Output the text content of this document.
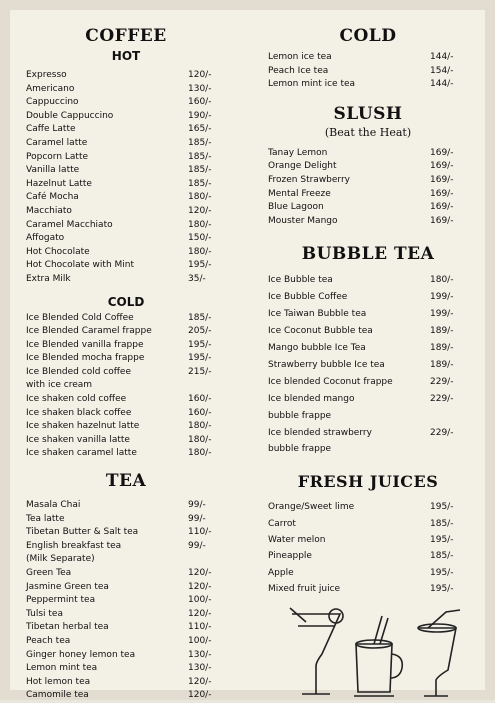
COFFEE
HOT
Expresso	120/-
Americano	130/-
Cappuccino	160/-
Double Cappuccino	190/-
Caffe Latte	165/-
Caramel latte	185/-
Popcorn Latte	185/-
Vanilla latte	185/-
Hazelnut Latte	185/-
Café Mocha	180/-
Macchiato	120/-
Caramel Macchiato	180/-
Affogato	150/-
Hot Chocolate	180/-
Hot Chocolate with Mint	195/-
Extra Milk	35/-
COLD
Ice Blended Cold Coffee	185/-
Ice Blended Caramel frappe	205/-
Ice Blended vanilla frappe	195/-
Ice Blended mocha frappe	195/-
Ice Blended cold coffee	215/-
with ice cream
Ice shaken cold coffee	160/-
Ice shaken black coffee	160/-
Ice shaken hazelnut latte	180/-
Ice shaken vanilla latte	180/-
Ice shaken caramel latte	180/-
TEA
Masala Chai	99/-
Tea latte	99/-
Tibetan Butter & Salt tea	110/-
English breakfast tea	99/-
(Milk Separate)
Green Tea	120/-
Jasmine Green tea	120/-
Peppermint tea	100/-
Tulsi tea	120/-
Tibetan herbal tea	110/-
Peach tea	100/-
Ginger honey lemon tea	130/-
Lemon mint tea	130/-
Hot lemon tea	120/-
Camomile tea	120/-
COLD
Lemon ice tea	144/-
Peach Ice tea	154/-
Lemon mint ice tea	144/-
SLUSH
(Beat the Heat)
Tanay Lemon	169/-
Orange Delight	169/-
Frozen Strawberry	169/-
Mental Freeze	169/-
Blue Lagoon	169/-
Mouster Mango	169/-
BUBBLE TEA
Ice Bubble tea	180/-
Ice Bubble Coffee	199/-
Ice Taiwan Bubble tea	199/-
Ice Coconut Bubble tea	189/-
Mango bubble Ice Tea	189/-
Strawberry bubble Ice tea	189/-
Ice blended Coconut frappe	229/-
Ice blended mango	229/-
bubble frappe
Ice blended strawberry	229/-
bubble frappe
FRESH JUICES
Orange/Sweet lime	195/-
Carrot	185/-
Water melon	195/-
Pineapple	185/-
Apple	195/-
Mixed fruit juice	195/-
